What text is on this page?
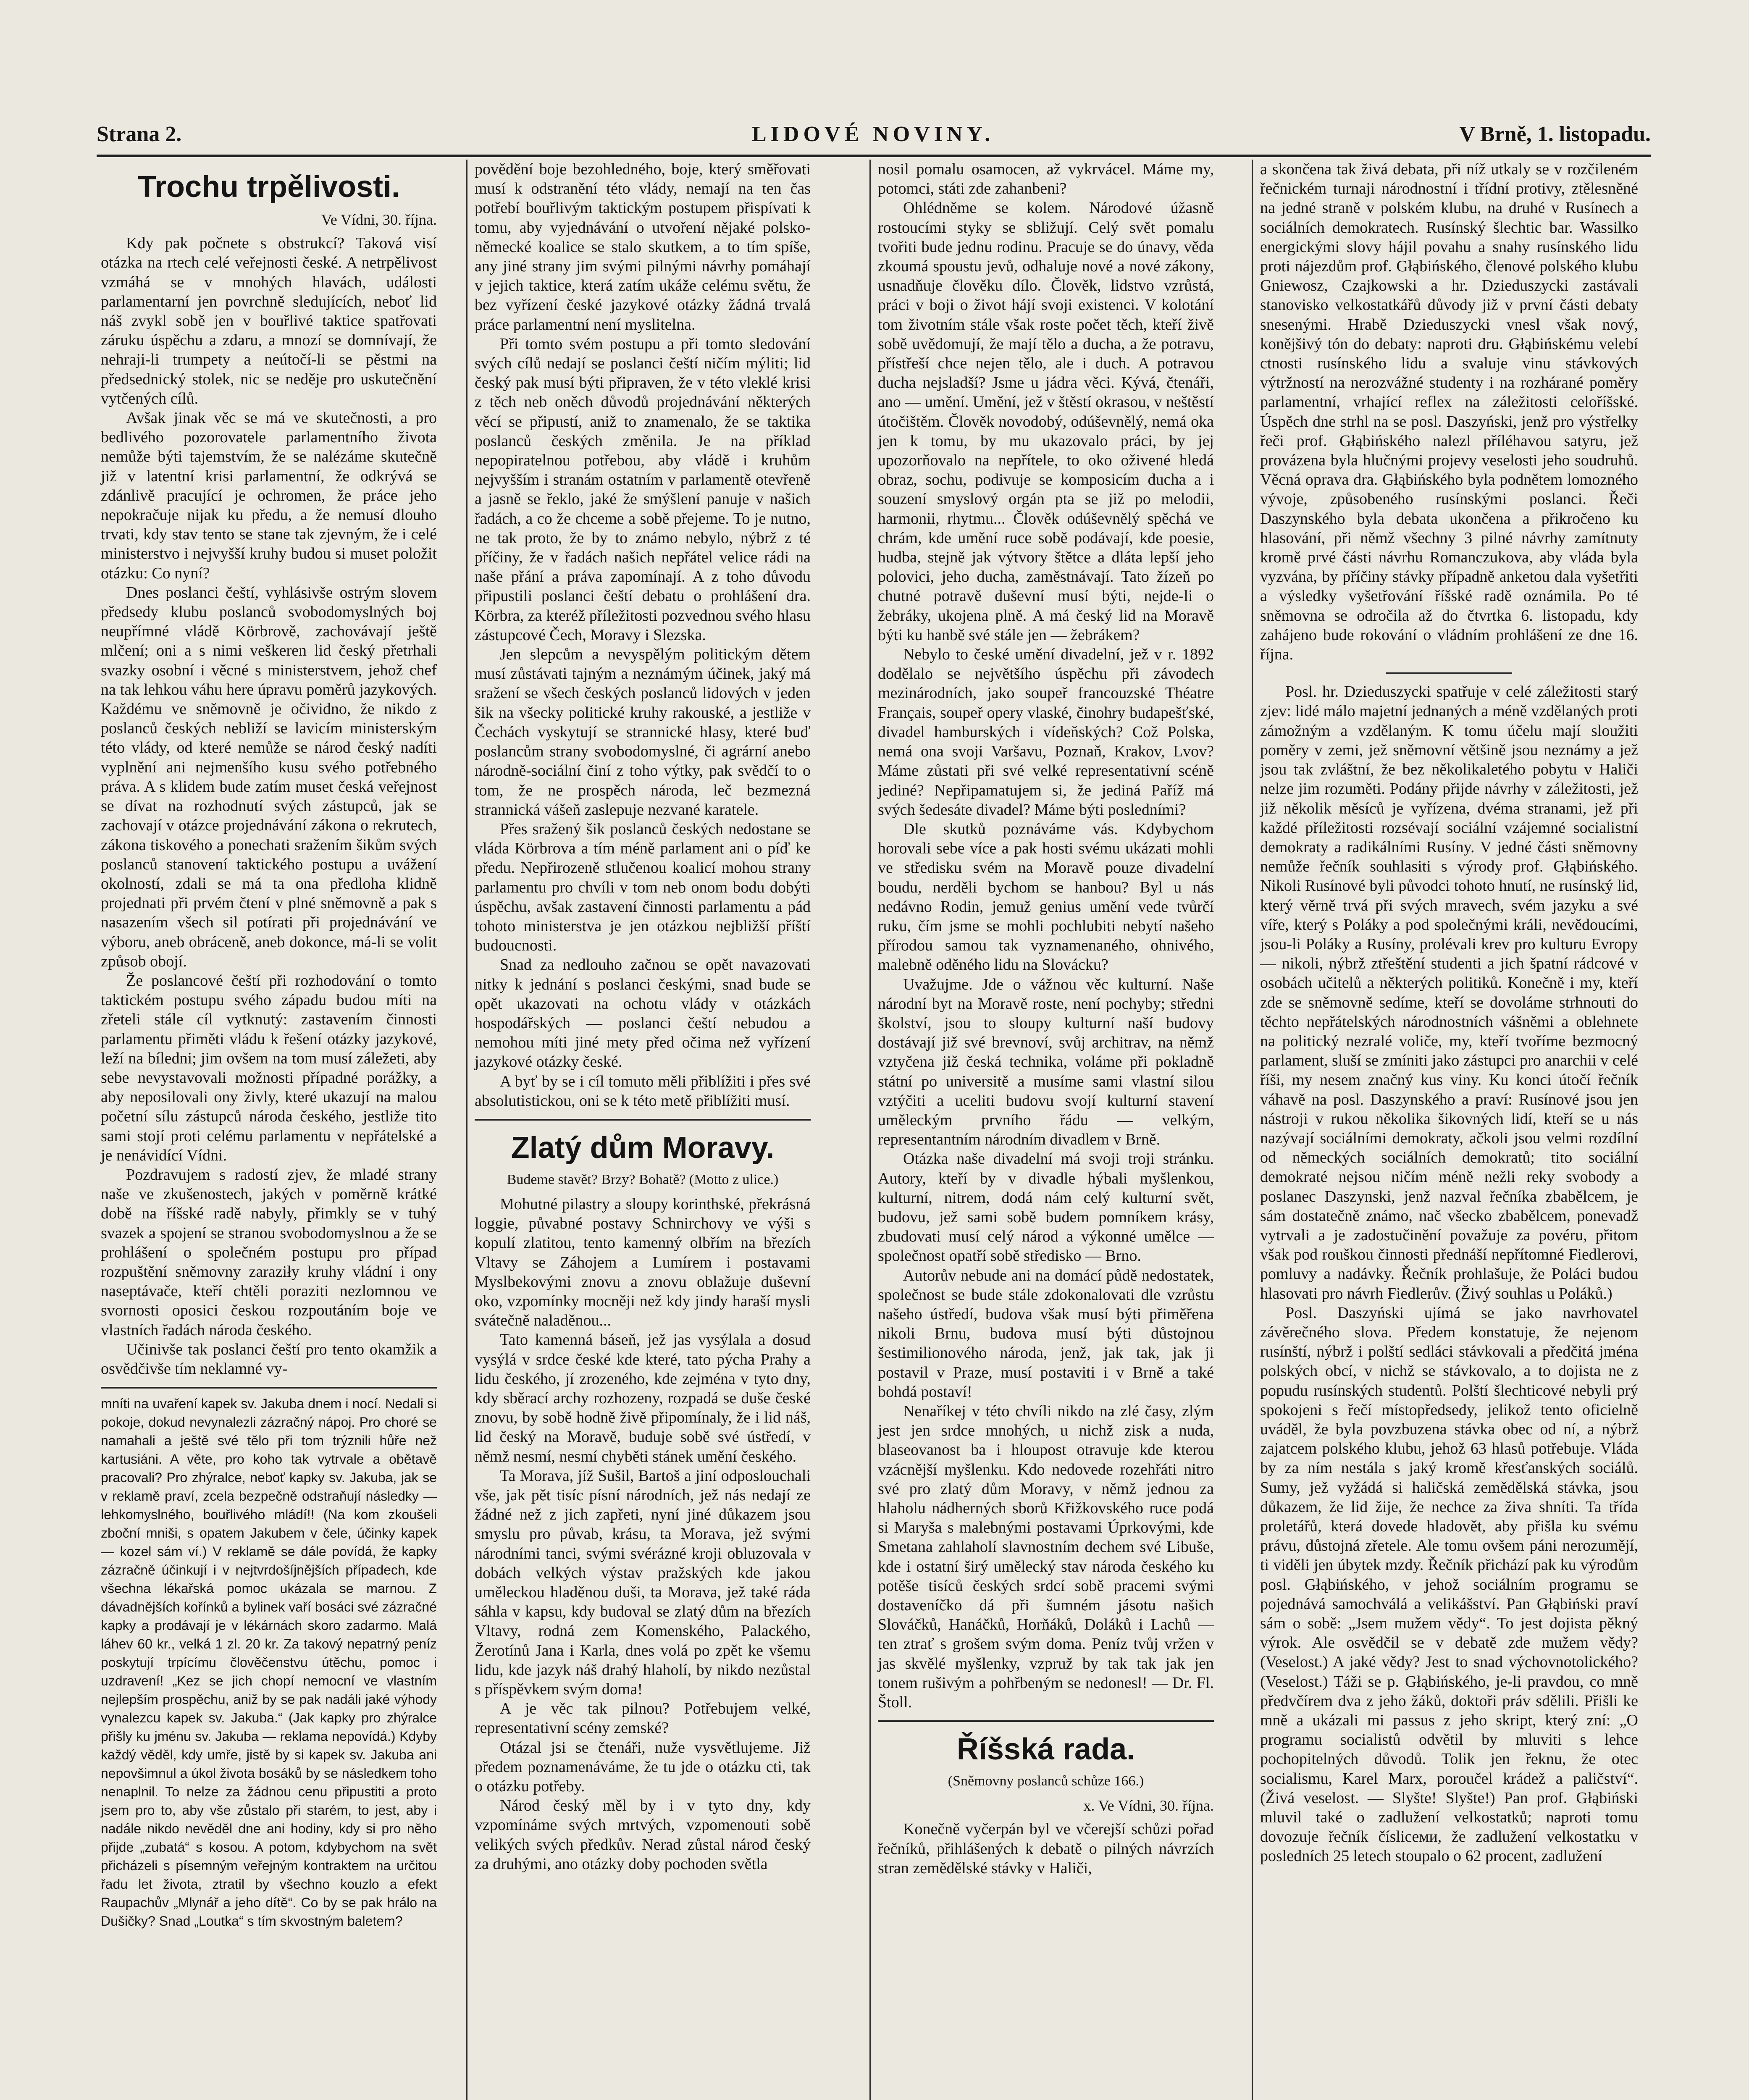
Strana 2.	LIDOVÉ NOVINY.	V Brně, 1. listopadu.
Trochu trpělivosti.
Ve Vídni, 30. října.

Kdy pak počnete s obstrukcí? Taková visí otázka na rtech celé veřejnosti české. A netrpělivost vzmáhá se v mnohých hlavách, události parlamentarní jen povrchně sledujících, neboť lid náš zvykl sobě jen v bouřlivé taktice spatřovati záruku úspěchu a zdaru, a mnozí se domnívají, že nehraji-li trumpety a neútočí-li se pěstmi na předsednický stolek, nic se neděje pro uskutečnění vytčených cílů.

Avšak jinak věc se má ve skutečnosti, a pro bedlivého pozorovatele parlamentního života nemůže býti tajemstvím, že se nalézáme skutečně již v latentní krisi parlamentní, že odkrývá se zdánlivě pracující je ochromen, že práce jeho nepokračuje nijak ku předu, a že nemusí dlouho trvati, kdy stav tento se stane tak zjevným, že i celé ministerstvo i nejvyšší kruhy budou si muset položit otázku: Co nyní?

Dnes poslanci čeští, vyhlásivše ostrým slovem předsedy klubu poslanců svobodomyslných boj neupřímné vládě Körbrově, zachovávají ještě mlčení; oni a s nimi veškeren lid český přetrhali svazky osobní i věcné s ministerstvem, jehož chef na tak lehkou váhu here úpravu poměrů jazykových. Každému ve sněmovně je očividno, že nikdo z poslanců českých nebliží se lavicím ministerským této vlády, od které nemůže se národ český nadíti vyplnění ani nejmenšího kusu svého potřebného práva. A s klidem bude zatím muset česká veřejnost se dívat na rozhodnutí svých zástupců, jak se zachovají v otázce projednávání zákona o rekrutech, zákona tiskového a ponechati sražením šikům svých poslanců stanovení taktického postupu a uvážení okolností, zdali se má ta ona předloha klidně projednati při prvém čtení v plné sněmovně a pak s nasazením všech sil potírati při projednávání ve výboru, aneb obráceně, aneb dokonce, má-li se volit způsob obojí.

Že poslancové čeští při rozhodování o tomto taktickém postupu svého západu budou míti na zřeteli stále cíl vytknutý: zastavením činnosti parlamentu přiměti vládu k řešení otázky jazykové, leží na bíledni; jim ovšem na tom musí záležeti, aby sebe nevystavovali možnosti případné porážky, a aby neposilovali ony živly, které ukazují na malou početní sílu zástupců národa českého, jestliže tito sami stojí proti celému parlamentu v nepřátelské a je nenávidící Vídni.

Pozdravujem s radostí zjev, že mladé strany naše ve zkušenostech, jakých v poměrně krátké době na říšské radě nabyly, přimkly se v tuhý svazek a spojení se stranou svobodomyslnou a že se prohlášení o společném postupu pro případ rozpuštění sněmovny zaraziły kruhy vládní i ony naseptávače, kteří chtěli poraziti nezlomnou ve svornosti oposici českou rozpoutáním boje ve vlastních řadách národa českého.

Učinivše tak poslanci čeští pro tento okamžik a osvědčivše tím neklamné vy-

mníti na uvaření kapek sv. Jakuba dnem i nocí. Nedali si pokoje, dokud nevynalezli zázračný nápoj. Pro choré se namahali a ještě své tělo při tom trýznili hůře než kartusiáni. A věte, pro koho tak vytrvale a obětavě pracovali? Pro zhýralce, neboť kapky sv. Jakuba, jak se v reklamě praví, zcela bezpečně odstraňují následky — lehkomyslného, bouřlivého mládí!! (Na kom zkoušeli zboční mniši, s opatem Jakubem v čele, účinky kapek — kozel sám ví.) V reklamě se dále povídá, že kapky zázračně účinkují i v nejtvrdošíjnějších případech, kde všechna lékařská pomoc ukázala se marnou. Z dávadnějších kořínků a bylinek vaří bosáci své zázračné kapky a prodávají je v lékárnách skoro zadarmo. Malá láhev 60 kr., velká 1 zl. 20 kr. Za takový nepatrný peníz poskytují trpícímu člověčenstvu útěchu, pomoc i uzdravení! „Kez se jich chopí nemocní ve vlastním nejlepším prospěchu, aniž by se pak nadáli jaké výhody vynalezcu kapek sv. Jakuba.“ (Jak kapky pro zhýralce přišly ku jménu sv. Jakuba — reklama nepovídá.) Kdyby každý věděl, kdy umře, jistě by si kapek sv. Jakuba ani nepovšimnul a úkol života bosáků by se následkem toho nenaplnil. To nelze za žádnou cenu připustiti a proto jsem pro to, aby vše zůstalo při starém, to jest, aby i nadále nikdo nevěděl dne ani hodiny, kdy si pro něho přijde „zubatá“ s kosou. A potom, kdybychom na svět přicházeli s písemným veřejným kontraktem na určitou řadu let života, ztratil by všechno kouzlo a efekt Raupachův „Mlynář a jeho dítě“. Co by se pak hrálo na Dušičky? Snad „Loutka“ s tím skvostným baletem?

povědění boje bezohledného, boje, který směřovati musí k odstranění této vlády, nemají na ten čas potřebí bouřlivým taktickým postupem přispívati k tomu, aby vyjednávání o utvoření nějaké polsko-německé koalice se stalo skutkem, a to tím spíše, any jiné strany jim svými pilnými návrhy pomáhají v jejich taktice, která zatím ukáže celému světu, že bez vyřízení české jazykové otázky žádná trvalá práce parlamentní není myslitelna.

Při tomto svém postupu a při tomto sledování svých cílů nedají se poslanci čeští ničím mýliti; lid český pak musí býti připraven, že v této vleklé krisi z těch neb oněch důvodů projednávání některých věcí se připustí, aniž to znamenalo, že se taktika poslanců českých změnila. Je na příklad nepopiratelnou potřebou, aby vládě i kruhům nejvyšším i stranám ostatním v parlamentě otevřeně a jasně se řeklo, jaké že smýšlení panuje v našich řadách, a co že chceme a sobě přejeme. To je nutno, ne tak proto, že by to známo nebylo, nýbrž z té příčiny, že v řadách našich nepřátel velice rádi na naše přání a práva zapomínají. A z toho důvodu připustili poslanci čeští debatu o prohlášení dra. Körbra, za kteréž příležitosti pozvednou svého hlasu zástupcové Čech, Moravy i Slezska.

Jen slepcům a nevyspělým politickým dětem musí zůstávati tajným a neznámým účinek, jaký má sražení se všech českých poslanců lidových v jeden šik na všecky politické kruhy rakouské, a jestliže v Čechách vyskytují se strannické hlasy, které buď poslancům strany svobodomyslné, či agrární anebo národně-sociální činí z toho výtky, pak svědčí to o tom, že ne prospěch národa, leč bezmezná strannická vášeň zaslepuje nezvané karatele.

Přes sražený šik poslanců českých nedostane se vláda Körbrova a tím méně parlament ani o píď ke předu. Nepřirozeně stlučenou koalicí mohou strany parlamentu pro chvíli v tom neb onom bodu dobýti úspěchu, avšak zastavení činnosti parlamentu a pád tohoto ministerstva je jen otázkou nejbližší příští budoucnosti.

Snad za nedlouho začnou se opět navazovati nitky k jednání s poslanci českými, snad bude se opět ukazovati na ochotu vlády v otázkách hospodářských — poslanci čeští nebudou a nemohou míti jiné mety před očima než vyřízení jazykové otázky české.

A byť by se i cíl tomuto měli přiblížiti i přes své absolutistickou, oni se k této metě přiblížiti musí.

Zlatý dům Moravy.
Budeme stavět? Brzy? Bohatě? (Motto z ulice.)

Mohutné pilastry a sloupy korinthské, překrásná loggie, půvabné postavy Schnirchovy ve výši s kopulí zlatitou, tento kamenný olbřím na březích Vltavy se Záhojem a Lumírem i postavami Myslbekovými znovu a znovu oblažuje duševní oko, vzpomínky mocněji než kdy jindy haraší mysli svátečně naladěnou...

Tato kamenná báseň, jež jas vysýlala a dosud vysýlá v srdce české kde které, tato pýcha Prahy a lidu českého, jí zrozeného, kde zejména v tyto dny, kdy sběrací archy rozhozeny, rozpadá se duše české znovu, by sobě hodně živě připomínaly, že i lid náš, lid český na Moravě, buduje sobě své ústředí, v němž nesmí, nesmí chyběti stánek umění českého.

Ta Morava, jíž Sušil, Bartoš a jiní odposlouchali vše, jak pět tisíc písní národních, jež nás nedají ze žádné než z jich zapřeti, nyní jiné důkazem jsou smyslu pro půvab, krásu, ta Morava, jež svými národními tanci, svými svérázné kroji obluzovala v dobách velkých výstav pražských kde jakou uměleckou hladěnou duši, ta Morava, jež také ráda sáhla v kapsu, kdy budoval se zlatý dům na březích Vltavy, rodná zem Komenského, Palackého, Žerotínů Jana i Karla, dnes volá po zpět ke všemu lidu, kde jazyk náš drahý hlaholí, by nikdo nezůstal s příspěvkem svým doma!

A je věc tak pilnou? Potřebujem velké, representativní scény zemské?

Otázal jsi se čtenáři, nuže vysvětlujeme. Již předem poznamenáváme, že tu jde o otázku cti, tak o otázku potřeby.

Národ český měl by i v tyto dny, kdy vzpomínáme svých mrtvých, vzpomenouti sobě velikých svých předkův. Nerad zůstal národ český za druhými, ano otázky doby pochoden světla

nosil pomalu osamocen, až vykrvácel. Máme my, potomci, státi zde zahanbeni?

Ohlédněme se kolem. Národové úžasně rostoucími styky se sbližují. Celý svět pomalu tvořiti bude jednu rodinu. Pracuje se do únavy, věda zkoumá spoustu jevů, odhaluje nové a nové zákony, usnadňuje člověku dílo. Člověk, lidstvo vzrůstá, práci v boji o život hájí svoji existenci. V kolotání tom životním stále však roste počet těch, kteří živě sobě uvědomují, že mají tělo a ducha, a že potravu, přístřeší chce nejen tělo, ale i duch. A potravou ducha nejsladší? Jsme u jádra věci. Kývá, čtenáři, ano — umění. Umění, jež v štěstí okrasou, v neštěstí útočištěm. Člověk novodobý, odúševnělý, nemá oka jen k tomu, by mu ukazovalo práci, by jej upozorňovalo na nepřítele, to oko oživené hledá obraz, sochu, podivuje se komposicím ducha a i souzení smyslový orgán pta se již po melodii, harmonii, rhytmu... Člověk odúševnělý spěchá ve chrám, kde umění ruce sobě podávají, kde poesie, hudba, stejně jak výtvory štětce a dláta lepší jeho polovici, jeho ducha, zaměstnávají. Tato žízeň po chutné potravě duševní musí býti, nejde-li o žebráky, ukojena plně. A má český lid na Moravě býti ku hanbě své stále jen — žebrákem?

Nebylo to české umění divadelní, jež v r. 1892 dodělalo se největšího úspěchu při závodech mezinárodních, jako soupeř francouzské Théatre Français, soupeř opery vlaské, činohry budapešťské, divadel hamburských i vídeňských? Což Polska, nemá ona svoji Varšavu, Poznaň, Krakov, Lvov? Máme zůstati při své velké representativní scéně jediné? Nepřipamatujem si, že jediná Paříž má svých šedesáte divadel? Máme býti posledními?

Dle skutků poznáváme vás. Kdybychom horovali sebe více a pak hosti svému ukázati mohli ve středisku svém na Moravě pouze divadelní boudu, nerděli bychom se hanbou? Byl u nás nedávno Rodin, jemuž genius umění vede tvůrčí ruku, čím jsme se mohli pochlubiti nebytí našeho přírodou samou tak vyznamenaného, ohnivého, malebně oděného lidu na Slovácku?

Uvažujme. Jde o vážnou věc kulturní. Naše národní byt na Moravě roste, není pochyby; středni školství, jsou to sloupy kulturní naší budovy dostávají již své brevnoví, svůj architrav, na němž vztyčena již česká technika, voláme při pokladně státní po universitě a musíme sami vlastní silou vztýčiti a uceliti budovu svojí kulturní stavení uměleckým prvního řádu — velkým, representantním národním divadlem v Brně.

Otázka naše divadelní má svoji troji stránku. Autory, kteří by v divadle hýbali myšlenkou, kulturní, nitrem, dodá nám celý kulturní svět, budovu, jež sami sobě budem pomníkem krásy, zbudovati musí celý národ a výkonné umělce — společnost opatří sobě středisko — Brno.

Autorův nebude ani na domácí půdě nedostatek, společnost se bude stále zdokonalovati dle vzrůstu našeho ústředí, budova však musí býti přiměřena nikoli Brnu, budova musí býti důstojnou šestimilionového národa, jenž, jak tak, jak ji postavil v Praze, musí postaviti i v Brně a také bohdá postaví!

Nenaříkej v této chvíli nikdo na zlé časy, zlým jest jen srdce mnohých, u nichž zisk a nuda, blaseovanost ba i hloupost otravuje kde kterou vzácnější myšlenku. Kdo nedovede rozehřáti nitro své pro zlatý dům Moravy, v němž jednou za hlaholu nádherných sborů Křižkovského ruce podá si Maryša s malebnými postavami Úprkovými, kde Smetana zahlaholí slavnostním dechem své Libuše, kde i ostatní širý umělecký stav národa českého ku potěše tisíců českých srdcí sobě pracemi svými dostaveníčko dá při šumném jásotu našich Slováčků, Hanáčků, Horňáků, Doláků i Lachů — ten ztrať s grošem svým doma. Peníz tvůj vržen v jas skvělé myšlenky, vzpruž by tak tak jak jen tonem rušivým a pohřbeným se nedonesl! — Dr. Fl. Štoll.

Říšská rada.
(Sněmovny poslanců schůze 166.)
x. Ve Vídni, 30. října.

Konečně vyčerpán byl ve včerejší schůzi pořad řečníků, přihlášených k debatě o pilných návrzích stran zemědělské stávky v Haliči,

a skončena tak živá debata, při níž utkaly se v rozčileném řečnickém turnaji národnostní i třídní protivy, ztělesněné na jedné straně v polském klubu, na druhé v Rusínech a sociálních demokratech. Rusínský šlechtic bar. Wassilko energickými slovy hájil povahu a snahy rusínského lidu proti nájezdům prof. Głąbińského, členové polského klubu Gniewosz, Czajkowski a hr. Dzieduszycki zastávali stanovisko velkostatkářů důvody již v první části debaty snesenými. Hrabě Dzieduszycki vnesl však nový, konějšivý tón do debaty: naproti dru. Głąbińskému velebí ctnosti rusínského lidu a svaluje vinu stávkových výtržností na nerozvážné studenty i na rozhárané poměry parlamentní, vrhající reflex na záležitosti celoříšské. Úspěch dne strhl na se posl. Daszyński, jenž pro výstřelky řeči prof. Głąbińského nalezl příléhavou satyru, jež provázena byla hlučnými projevy veselosti jeho soudruhů. Věcná oprava dra. Głąbińského byla podnětem lomozného vývoje, způsobeného rusínskými poslanci. Řeči Daszynského byla debata ukončena a přikročeno ku hlasování, při němž všechny 3 pilné návrhy zamítnuty kromě prvé části návrhu Romanczukova, aby vláda byla vyzvána, by příčiny stávky případně anketou dala vyšetřiti a výsledky vyšetřování říšské radě oznámila. Po té sněmovna se odročila až do čtvrtka 6. listopadu, kdy zahájeno bude rokování o vládním prohlášení ze dne 16. října.

Posl. hr. Dzieduszycki spatřuje v celé záležitosti starý zjev: lidé málo majetní jednaných a méně vzdělaných proti zámožným a vzdělaným. K tomu účelu mají sloužiti poměry v zemi, jež sněmovní většině jsou neznámy a jež jsou tak zvláštní, že bez několikaletého pobytu v Haliči nelze jim rozuměti. Podány přijde návrhy v záležitosti, jež již několik měsíců je vyřízena, dvéma stranami, jež při každé příležitosti rozsévají sociální vzájemné socialistní demokraty a radikálními Rusíny. V jedné části sněmovny nemůže řečník souhlasiti s výrody prof. Głąbińského. Nikoli Rusínové byli původci tohoto hnutí, ne rusínský lid, který věrně trvá při svých mravech, svém jazyku a své víře, který s Poláky a pod společnými králi, nevědoucími, jsou-li Poláky a Rusíny, prolévali krev pro kulturu Evropy — nikoli, nýbrž ztřeštění studenti a jich špatní rádcové v osobách učitelů a některých politiků. Konečně i my, kteří zde se sněmovně sedíme, kteří se dovoláme strhnouti do těchto nepřátelských národnostních vášněmi a oblehnete na politický nezralé voliče, my, kteří tvoříme bezmocný parlament, sluší se zmíniti jako zástupci pro anarchii v celé říši, my nesem značný kus viny. Ku konci útočí řečník váhavě na posl. Daszynského a praví: Rusínové jsou jen nástroji v rukou několika šikovných lidí, kteří se u nás nazývají sociálními demokraty, ačkoli jsou velmi rozdílní od německých sociálních demokratů; tito sociální demokraté nejsou ničím méně nežli reky svobody a poslanec Daszynski, jenž nazval řečníka zbabělcem, je sám dostatečně známo, nač všecko zbabělcem, ponevadž vytrvali a je zadostučinění považuje za povéru, přitom však pod rouškou činnosti přednáší nepřítomné Fiedlerovi, pomluvy a nadávky. Řečník prohlašuje, že Poláci budou hlasovati pro návrh Fiedlerův. (Živý souhlas u Poláků.)

Posl. Daszyński ujímá se jako navrhovatel závěrečného slova. Předem konstatuje, že nejenom rusínští, nýbrž i polští sedláci stávkovali a předčitá jména polských obcí, v nichž se stávkovalo, a to dojista ne z popudu rusínských studentů. Polští šlechticové nebyli prý spokojeni s řečí místopředsedy, jelikož tento oficielně uváděl, že byla povzbuzena stávka obec od ní, a nýbrž zajatcem polského klubu, jehož 63 hlasů potřebuje. Vláda by za ním nestála s jaký kromě křesťanských sociálů. Sumy, jež vyžádá si haličská zemědělská stávka, jsou důkazem, že lid žije, že nechce za živa shníti. Ta třída proletářů, která dovede hladovět, aby přišla ku svému právu, důstojná zřetele. Ale tomu ovšem páni nerozumějí, ti viděli jen úbytek mzdy. Řečník přichází pak ku výrodům posl. Głąbińského, v jehož sociálním programu se pojednává samochválá a velikášství. Pan Głąbiński praví sám o sobě: „Jsem mužem vědy“. To jest dojista pěkný výrok. Ale osvědčil se v debatě zde mužem vědy? (Veselost.) A jaké vědy? Jest to snad výchovnotolického? (Veselost.) Táži se p. Głąbińského, je-li pravdou, co mně předvčírem dva z jeho žáků, doktoři práv sdělili. Přišli ke mně a ukázali mi passus z jeho skript, který zní: „O programu socialistů odvětil by mluviti s lehce pochopitelných důvodů. Tolik jen řeknu, že otec socialismu, Karel Marx, poroučel krádež a paličství“. (Živá veselost. — Slyšte! Slyšte!) Pan prof. Głąbiński mluvil také o zadlužení velkostatků; naproti tomu dovozuje řečník čísliceми, že zadlužení velkostatku v posledních 25 letech stoupalo o 62 procent, zadlužení
